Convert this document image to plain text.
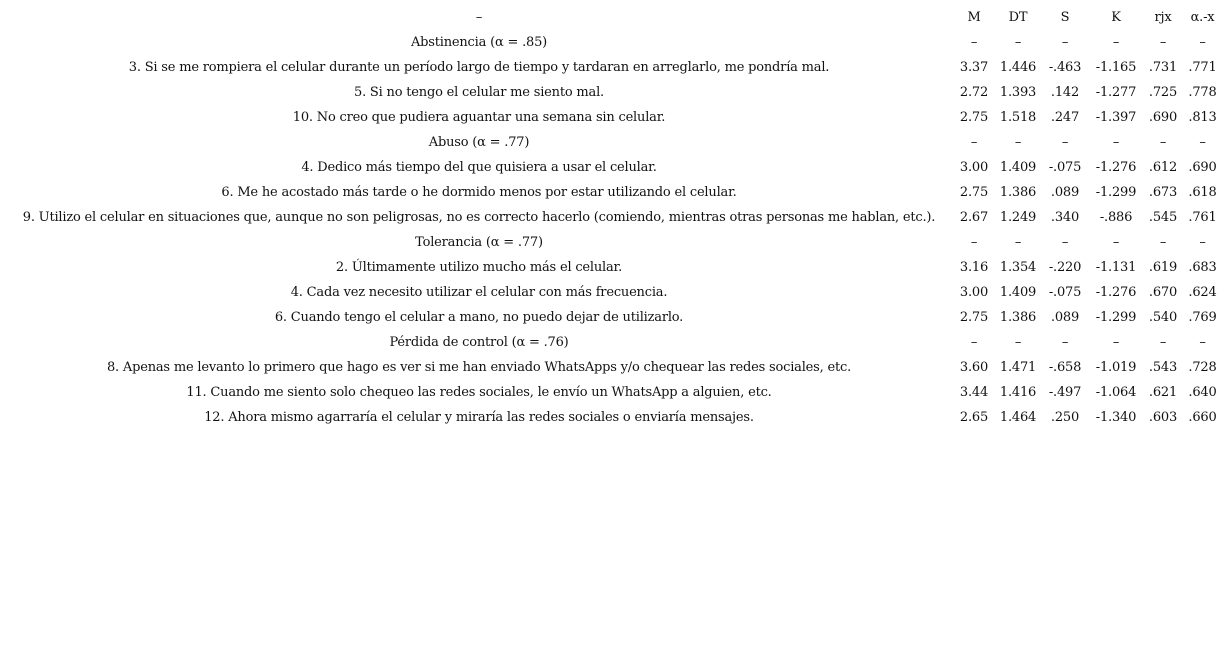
–	M	DT	S	K	rjx	α.-x
Abstinencia (α = .85)	–	–	–	–	–	–
3. Si se me rompiera el celular durante un período largo de tiempo y tardaran en arreglarlo, me pondría mal.	3.37	1.446	-.463	-1.165	.731	.771
5. Si no tengo el celular me siento mal.	2.72	1.393	.142	-1.277	.725	.778
10. No creo que pudiera aguantar una semana sin celular.	2.75	1.518	.247	-1.397	.690	.813
Abuso (α = .77)	–	–	–	–	–	–
4. Dedico más tiempo del que quisiera a usar el celular.	3.00	1.409	-.075	-1.276	.612	.690
6. Me he acostado más tarde o he dormido menos por estar utilizando el celular.	2.75	1.386	.089	-1.299	.673	.618
9. Utilizo el celular en situaciones que, aunque no son peligrosas, no es correcto hacerlo (comiendo, mientras otras personas me hablan, etc.).	2.67	1.249	.340	-.886	.545	.761
Tolerancia (α = .77)	–	–	–	–	–	–
2. Últimamente utilizo mucho más el celular.	3.16	1.354	-.220	-1.131	.619	.683
4. Cada vez necesito utilizar el celular con más frecuencia.	3.00	1.409	-.075	-1.276	.670	.624
6. Cuando tengo el celular a mano, no puedo dejar de utilizarlo.	2.75	1.386	.089	-1.299	.540	.769
Pérdida de control (α = .76)	–	–	–	–	–	–
8. Apenas me levanto lo primero que hago es ver si me han enviado WhatsApps y/o chequear las redes sociales, etc.	3.60	1.471	-.658	-1.019	.543	.728
11. Cuando me siento solo chequeo las redes sociales, le envío un WhatsApp a alguien, etc.	3.44	1.416	-.497	-1.064	.621	.640
12. Ahora mismo agarraría el celular y miraría las redes sociales o enviaría mensajes.	2.65	1.464	.250	-1.340	.603	.660
